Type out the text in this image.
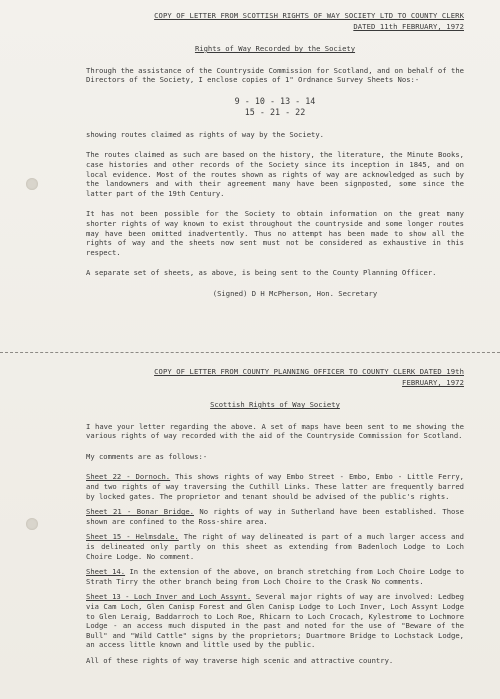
COPY OF LETTER FROM SCOTTISH RIGHTS OF WAY SOCIETY LTD TO COUNTY CLERK
DATED 11th FEBRUARY, 1972
Rights of Way Recorded by the Society

Through the assistance of the Countryside Commission for Scotland, and on behalf of the Directors of the Society, I enclose copies of 1" Ordnance Survey Sheets Nos:-

9 - 10 - 13 - 14
15 - 21 - 22

showing routes claimed as rights of way by the Society.

The routes claimed as such are based on the history, the literature, the Minute Books, case histories and other records of the Society since its inception in 1845, and on local evidence. Most of the routes shown as rights of way are acknowledged as such by the landowners and with their agreement many have been signposted, some since the latter part of the 19th Century.

It has not been possible for the Society to obtain information on the great many shorter rights of way known to exist throughout the countryside and some longer routes may have been omitted inadvertently. Thus no attempt has been made to show all the rights of way and the sheets now sent must not be considered as exhaustive in this respect.

A separate set of sheets, as above, is being sent to the County Planning Officer.

(Signed) D H McPherson, Hon. Secretary
COPY OF LETTER FROM COUNTY PLANNING OFFICER TO COUNTY CLERK DATED 19th
FEBRUARY, 1972
Scottish Rights of Way Society

I have your letter regarding the above. A set of maps have been sent to me showing the various rights of way recorded with the aid of the Countryside Commission for Scotland.

My comments are as follows:-

Sheet 22 - Dornoch. This shows rights of way Embo Street - Embo, Embo - Little Ferry, and two rights of way traversing the Cuthill Links. These latter are frequently barred by locked gates. The proprietor and tenant should be advised of the public's rights.

Sheet 21 - Bonar Bridge. No rights of way in Sutherland have been established. Those shown are confined to the Ross-shire area.

Sheet 15 - Helmsdale. The right of way delineated is part of a much larger access and is delineated only partly on this sheet as extending from Badenloch Lodge to Loch Choire Lodge. No comment.

Sheet 14. In the extension of the above, on branch stretching from Loch Choire Lodge to Strath Tirry the other branch being from Loch Choire to the Crask No comments.

Sheet 13 - Loch Inver and Loch Assynt. Several major rights of way are involved: Ledbeg via Cam Loch, Glen Canisp Forest and Glen Canisp Lodge to Loch Inver, Loch Assynt Lodge to Glen Leraig, Baddarroch to Loch Roe, Rhicarn to Loch Crocach, Kylestrome to Lochmore Lodge - an access much disputed in the past and noted for the use of "Beware of the Bull" and "Wild Cattle" signs by the proprietors; Duartmore Bridge to Lochstack Lodge, an access little known and little used by the public.

All of these rights of way traverse high scenic and attractive country.
